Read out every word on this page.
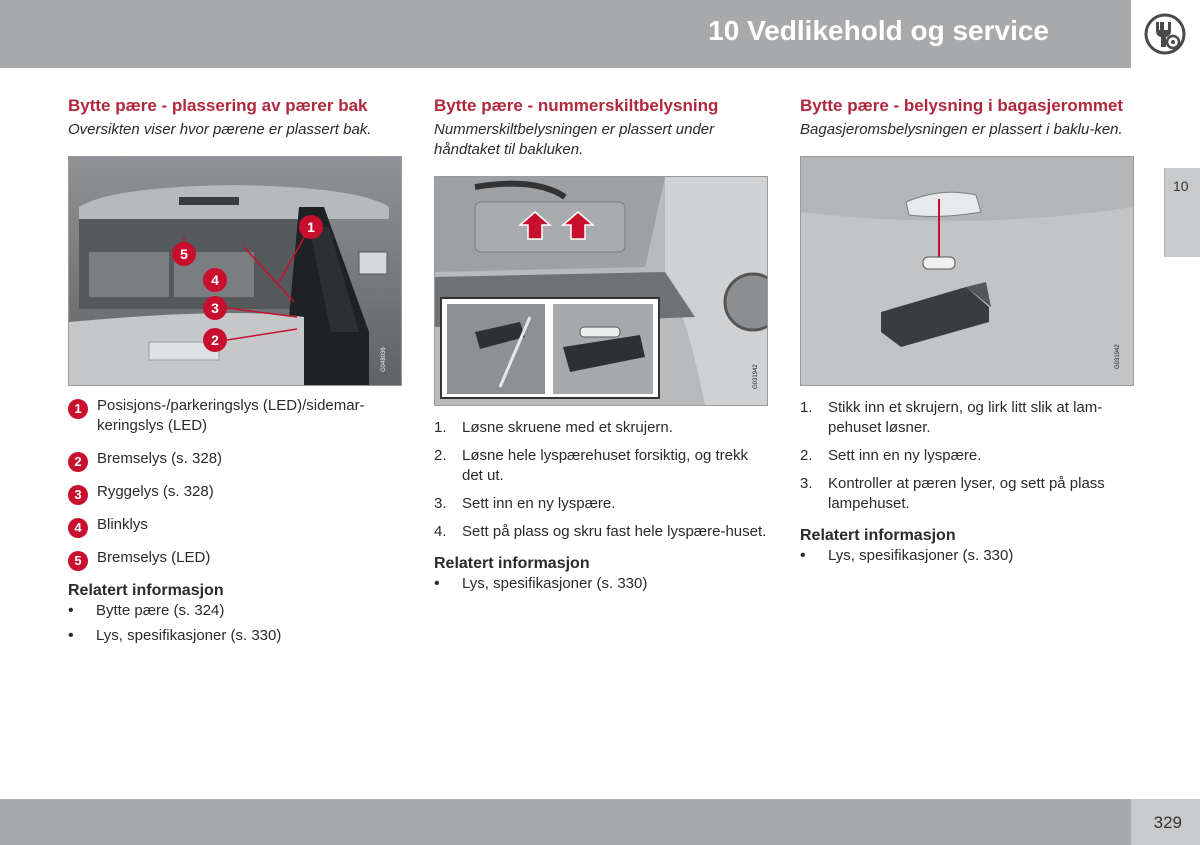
10 Vedlikehold og service
10
Bytte pære - plassering av pærer bak

Oversikten viser hvor pærene er plassert bak.

1
5
4
3
2
G048036
1	Posisjons-/parkeringslys (LED)/sidemar-keringslys (LED)
2	Bremselys (s. 328)
3	Ryggelys (s. 328)
4	Blinklys
5	Bremselys (LED)
Relatert informasjon
• Bytte pære (s. 324)
• Lys, spesifikasjoner (s. 330)
Bytte pære - nummerskiltbelysning

Nummerskiltbelysningen er plassert under håndtaket til bakluken.

G031942
1. Løsne skruene med et skrujern.
2. Løsne hele lyspærehuset forsiktig, og trekk det ut.
3. Sett inn en ny lyspære.
4. Sett på plass og skru fast hele lyspære-huset.
Relatert informasjon
• Lys, spesifikasjoner (s. 330)
Bytte pære - belysning i bagasjerommet

Bagasjeromsbelysningen er plassert i baklu-ken.

G031942
1. Stikk inn et skrujern, og lirk litt slik at lam-pehuset løsner.
2. Sett inn en ny lyspære.
3. Kontroller at pæren lyser, og sett på plass lampehuset.
Relatert informasjon
• Lys, spesifikasjoner (s. 330)
329
